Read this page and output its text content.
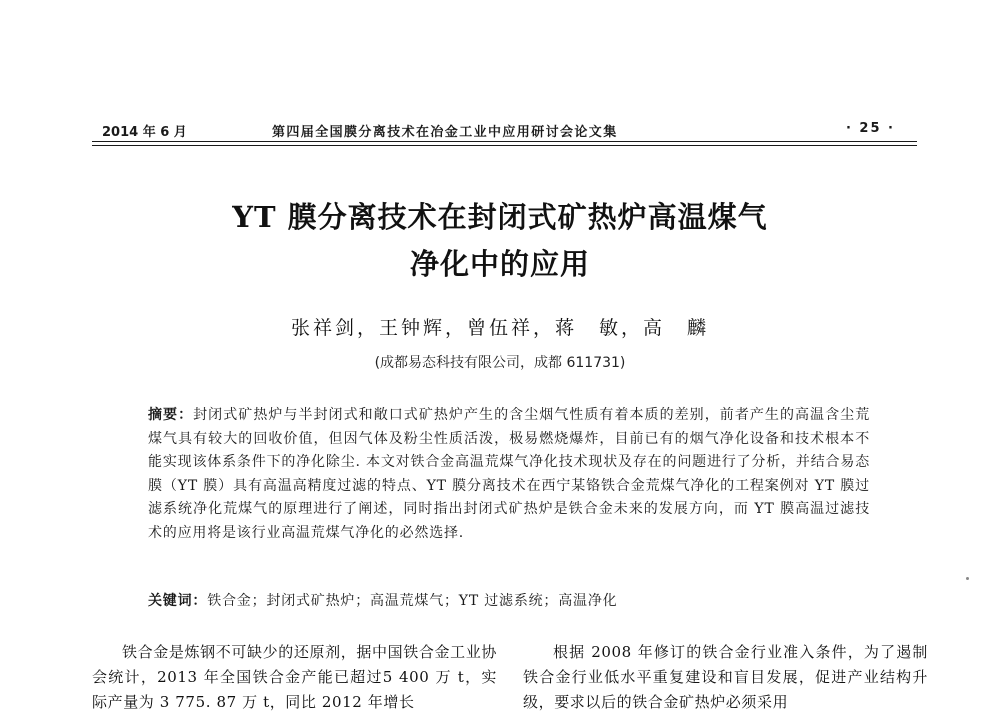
2014 年 6 月	第四届全国膜分离技术在冶金工业中应用研讨会论文集	· 25 ·
YT 膜分离技术在封闭式矿热炉高温煤气
净化中的应用
张祥剑，王钟辉，曾伍祥，蒋　敏，高　麟
(成都易态科技有限公司，成都 611731)
摘要：封闭式矿热炉与半封闭式和敞口式矿热炉产生的含尘烟气性质有着本质的差别，前者产生的高温含尘荒煤气具有较大的回收价值，但因气体及粉尘性质活泼，极易燃烧爆炸，目前已有的烟气净化设备和技术根本不能实现该体系条件下的净化除尘. 本文对铁合金高温荒煤气净化技术现状及存在的问题进行了分析，并结合易态膜（YT 膜）具有高温高精度过滤的特点、YT 膜分离技术在西宁某铬铁合金荒煤气净化的工程案例对 YT 膜过滤系统净化荒煤气的原理进行了阐述，同时指出封闭式矿热炉是铁合金未来的发展方向，而 YT 膜高温过滤技术的应用将是该行业高温荒煤气净化的必然选择.
关键词：铁合金；封闭式矿热炉；高温荒煤气；YT 过滤系统；高温净化
铁合金是炼钢不可缺少的还原剂，据中国铁合金工业协会统计，2013 年全国铁合金产能已超过5 400 万 t，实际产量为 3 775. 87 万 t，同比 2012 年增长
根据 2008 年修订的铁合金行业准入条件，为了遏制铁合金行业低水平重复建设和盲目发展，促进产业结构升级，要求以后的铁合金矿热炉必须采用
